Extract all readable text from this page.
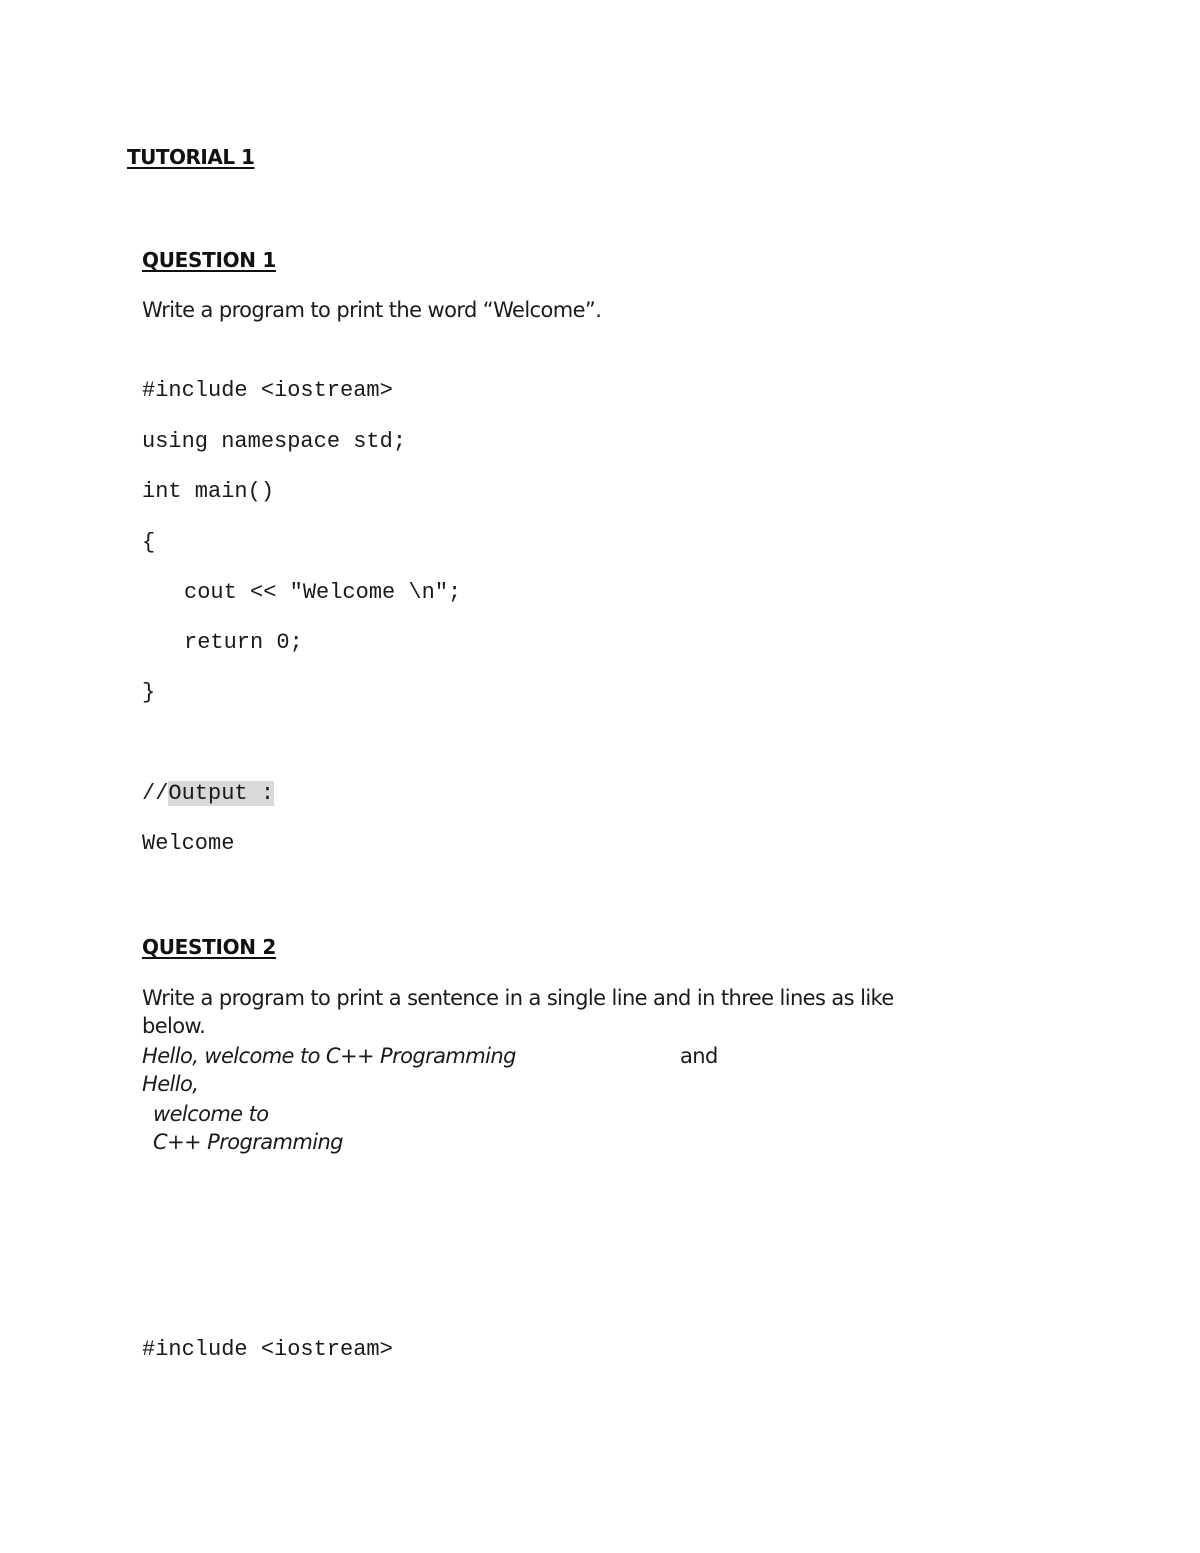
TUTORIAL 1
QUESTION 1
Write a program to print the word “Welcome”.
#include <iostream>
using namespace std;
int main()
{
cout << "Welcome \n";
return 0;
}
//Output :
Welcome
QUESTION 2
Write a program to print a sentence in a single line and in three lines as like
below.
Hello, welcome to C++ Programming	and
Hello,
welcome to
C++ Programming
#include <iostream>
